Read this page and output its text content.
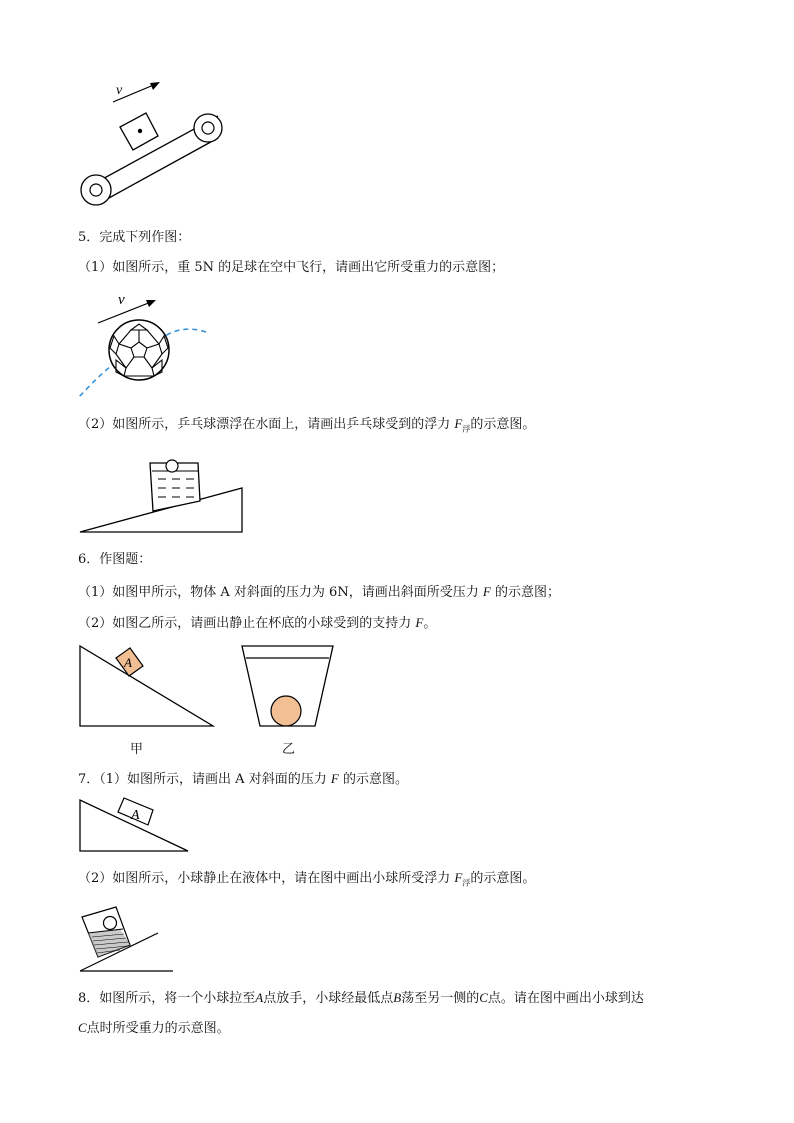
v
5．完成下列作图：
（1）如图所示，重 5N 的足球在空中飞行，请画出它所受重力的示意图；
v
（2）如图所示，乒乓球漂浮在水面上，请画出乒乓球受到的浮力 $F_浮$的示意图。
6．作图题：
（1）如图甲所示，物体 A 对斜面的压力为 6N，请画出斜面所受压力 F 的示意图；
（2）如图乙所示，请画出静止在杯底的小球受到的支持力 F。
A
甲	乙
7．（1）如图所示，请画出 A 对斜面的压力 F 的示意图。
A
（2）如图所示，小球静止在液体中，请在图中画出小球所受浮力 $F_浮$的示意图。
8．如图所示，将一个小球拉至A点放手，小球经最低点B荡至另一侧的C点。请在图中画出小球到达
C点时所受重力的示意图。
